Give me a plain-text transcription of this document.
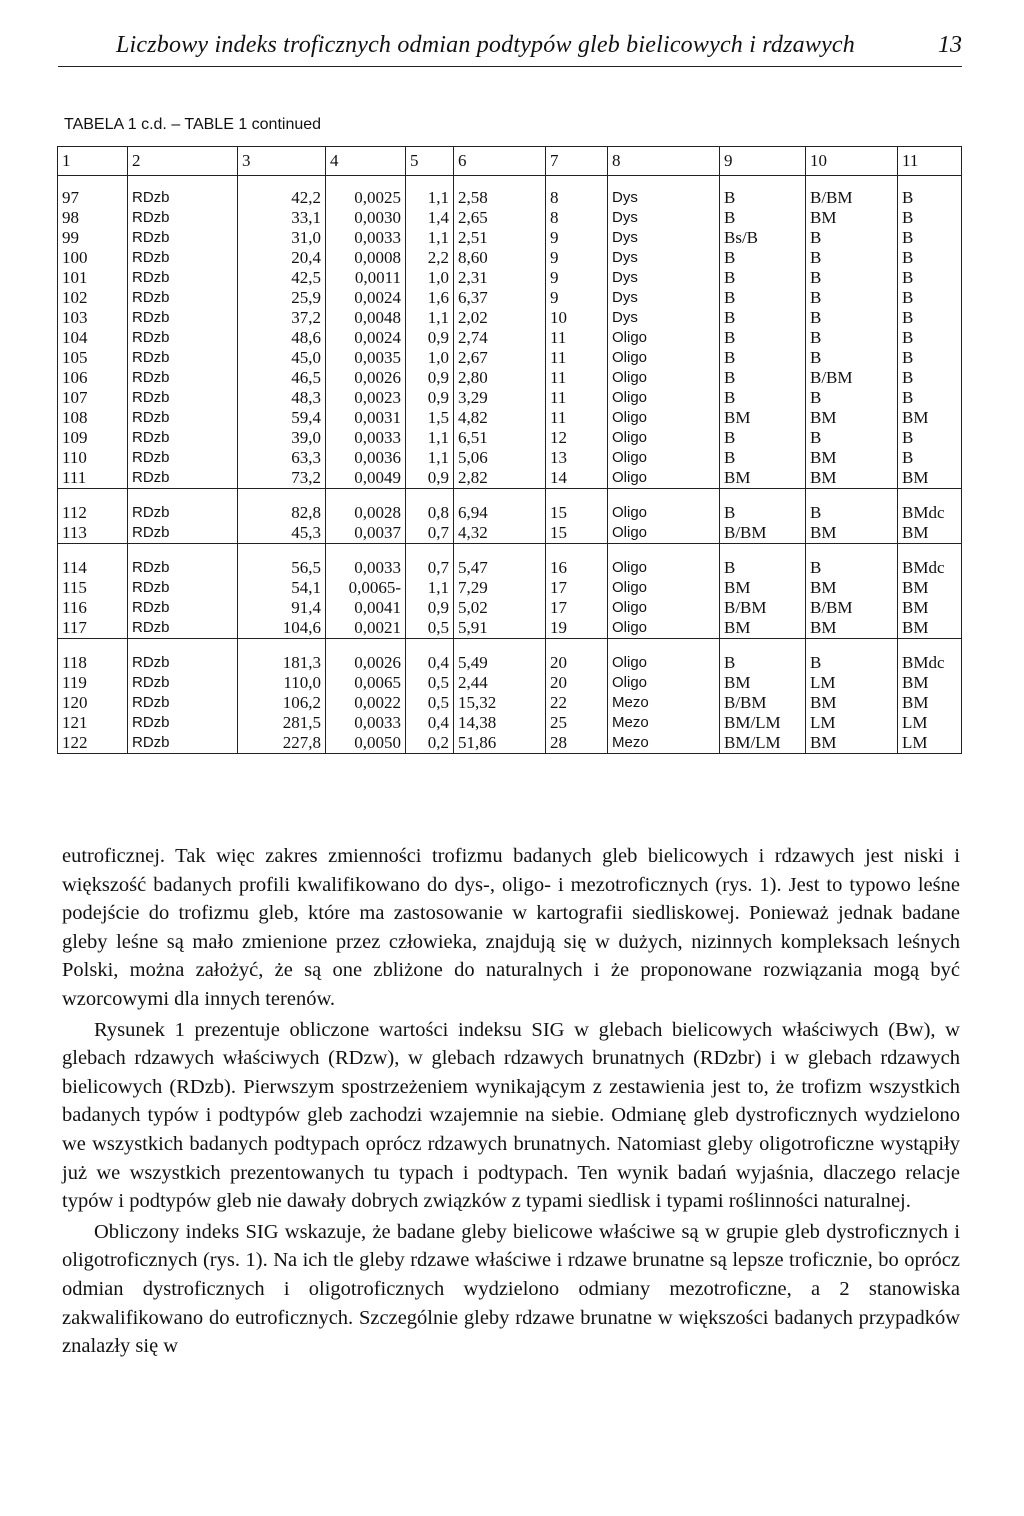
Liczbowy indeks troficznych odmian podtypów gleb bielicowych i rdzawych	13
TABELA 1 c.d. – TABLE 1 continued
1	2	3	4	5	6	7	8	9	10	11

97	RDzb	42,2	0,0025	1,1	2,58	8	Dys	B	B/BM	B
98	RDzb	33,1	0,0030	1,4	2,65	8	Dys	B	BM	B
99	RDzb	31,0	0,0033	1,1	2,51	9	Dys	Bs/B	B	B
100	RDzb	20,4	0,0008	2,2	8,60	9	Dys	B	B	B
101	RDzb	42,5	0,0011	1,0	2,31	9	Dys	B	B	B
102	RDzb	25,9	0,0024	1,6	6,37	9	Dys	B	B	B
103	RDzb	37,2	0,0048	1,1	2,02	10	Dys	B	B	B
104	RDzb	48,6	0,0024	0,9	2,74	11	Oligo	B	B	B
105	RDzb	45,0	0,0035	1,0	2,67	11	Oligo	B	B	B
106	RDzb	46,5	0,0026	0,9	2,80	11	Oligo	B	B/BM	B
107	RDzb	48,3	0,0023	0,9	3,29	11	Oligo	B	B	B
108	RDzb	59,4	0,0031	1,5	4,82	11	Oligo	BM	BM	BM
109	RDzb	39,0	0,0033	1,1	6,51	12	Oligo	B	B	B
110	RDzb	63,3	0,0036	1,1	5,06	13	Oligo	B	BM	B
111	RDzb	73,2	0,0049	0,9	2,82	14	Oligo	BM	BM	BM

112	RDzb	82,8	0,0028	0,8	6,94	15	Oligo	B	B	BMdc
113	RDzb	45,3	0,0037	0,7	4,32	15	Oligo	B/BM	BM	BM

114	RDzb	56,5	0,0033	0,7	5,47	16	Oligo	B	B	BMdc
115	RDzb	54,1	0,0065-	1,1	7,29	17	Oligo	BM	BM	BM
116	RDzb	91,4	0,0041	0,9	5,02	17	Oligo	B/BM	B/BM	BM
117	RDzb	104,6	0,0021	0,5	5,91	19	Oligo	BM	BM	BM

118	RDzb	181,3	0,0026	0,4	5,49	20	Oligo	B	B	BMdc
119	RDzb	110,0	0,0065	0,5	2,44	20	Oligo	BM	LM	BM
120	RDzb	106,2	0,0022	0,5	15,32	22	Mezo	B/BM	BM	BM
121	RDzb	281,5	0,0033	0,4	14,38	25	Mezo	BM/LM	LM	LM
122	RDzb	227,8	0,0050	0,2	51,86	28	Mezo	BM/LM	BM	LM

eutroficznej. Tak więc zakres zmienności trofizmu badanych gleb bielicowych i rdzawych jest niski i większość badanych profili kwalifikowano do dys-, oligo- i mezotroficznych (rys. 1). Jest to typowo leśne podejście do trofizmu gleb, które ma zastosowanie w kartografii siedliskowej. Ponieważ jednak badane gleby leśne są mało zmienione przez człowieka, znajdują się w dużych, nizinnych kompleksach leśnych Polski, można założyć, że są one zbliżone do naturalnych i że proponowane rozwiązania mogą być wzorcowymi dla innych terenów.

Rysunek 1 prezentuje obliczone wartości indeksu SIG w glebach bielicowych właściwych (Bw), w glebach rdzawych właściwych (RDzw), w glebach rdzawych brunatnych (RDzbr) i w glebach rdzawych bielicowych (RDzb). Pierwszym spostrzeżeniem wynikającym z zestawienia jest to, że trofizm wszystkich badanych typów i podtypów gleb zachodzi wzajemnie na siebie. Odmianę gleb dystroficznych wydzielono we wszystkich badanych podtypach oprócz rdzawych brunatnych. Natomiast gleby oligotroficzne wystąpiły już we wszystkich prezentowanych tu typach i podtypach. Ten wynik badań wyjaśnia, dlaczego relacje typów i podtypów gleb nie dawały dobrych związków z typami siedlisk i typami roślinności naturalnej.

Obliczony indeks SIG wskazuje, że badane gleby bielicowe właściwe są w grupie gleb dystroficznych i oligotroficznych (rys. 1). Na ich tle gleby rdzawe właściwe i rdzawe brunatne są lepsze troficznie, bo oprócz odmian dystroficznych i oligotroficznych wydzielono odmiany mezotroficzne, a 2 stanowiska zakwalifikowano do eutroficznych. Szczególnie gleby rdzawe brunatne w większości badanych przypadków znalazły się w
